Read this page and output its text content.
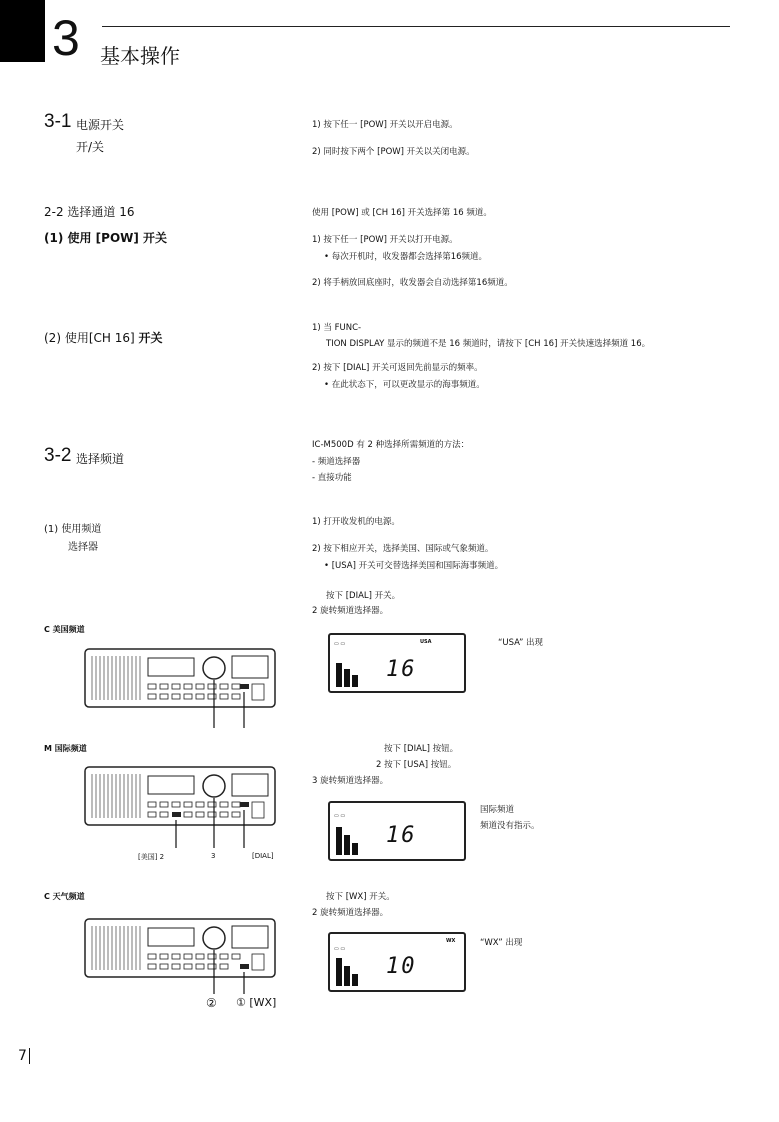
3 基本操作
3-1 电源开关
开/关
1) 按下任一 [POW] 开关以开启电源。
2) 同时按下两个 [POW] 开关以关闭电源。
2-2 选择通道 16	使用 [POW] 或 [CH 16] 开关选择第 16 频道。
(1) 使用 [POW] 开关	1) 按下任一 [POW] 开关以打开电源。
• 每次开机时，收发器都会选择第16频道。
2) 将手柄放回底座时，收发器会自动选择第16频道。
(2) 使用[CH 16] 开关
1) 当 FUNC-
TION DISPLAY 显示的频道不是 16 频道时，请按下 [CH 16] 开关快速选择频道 16。
2) 按下 [DIAL] 开关可返回先前显示的频率。
• 在此状态下，可以更改显示的海事频道。
3-2 选择频道
IC-M500D 有 2 种选择所需频道的方法：
- 频道选择器
- 直接功能
(1) 使用频道
选择器
1) 打开收发机的电源。
2) 按下相应开关，选择美国、国际或气象频道。
• [USA] 开关可交替选择美国和国际海事频道。
按下 [DIAL] 开关。
2 旋转频道选择器。
C 美国频道
▭ ▭	USA
16
“USA” 出现
M 国际频道	按下 [DIAL] 按钮。
2 按下 [USA] 按钮。
3 旋转频道选择器。
[美国] 2	3	[DIAL]
▭ ▭
16
国际频道
频道没有指示。
C 天气频道	按下 [WX] 开关。
2 旋转频道选择器。
② ① [WX]
▭ ▭
WX
10
“WX” 出现
7
